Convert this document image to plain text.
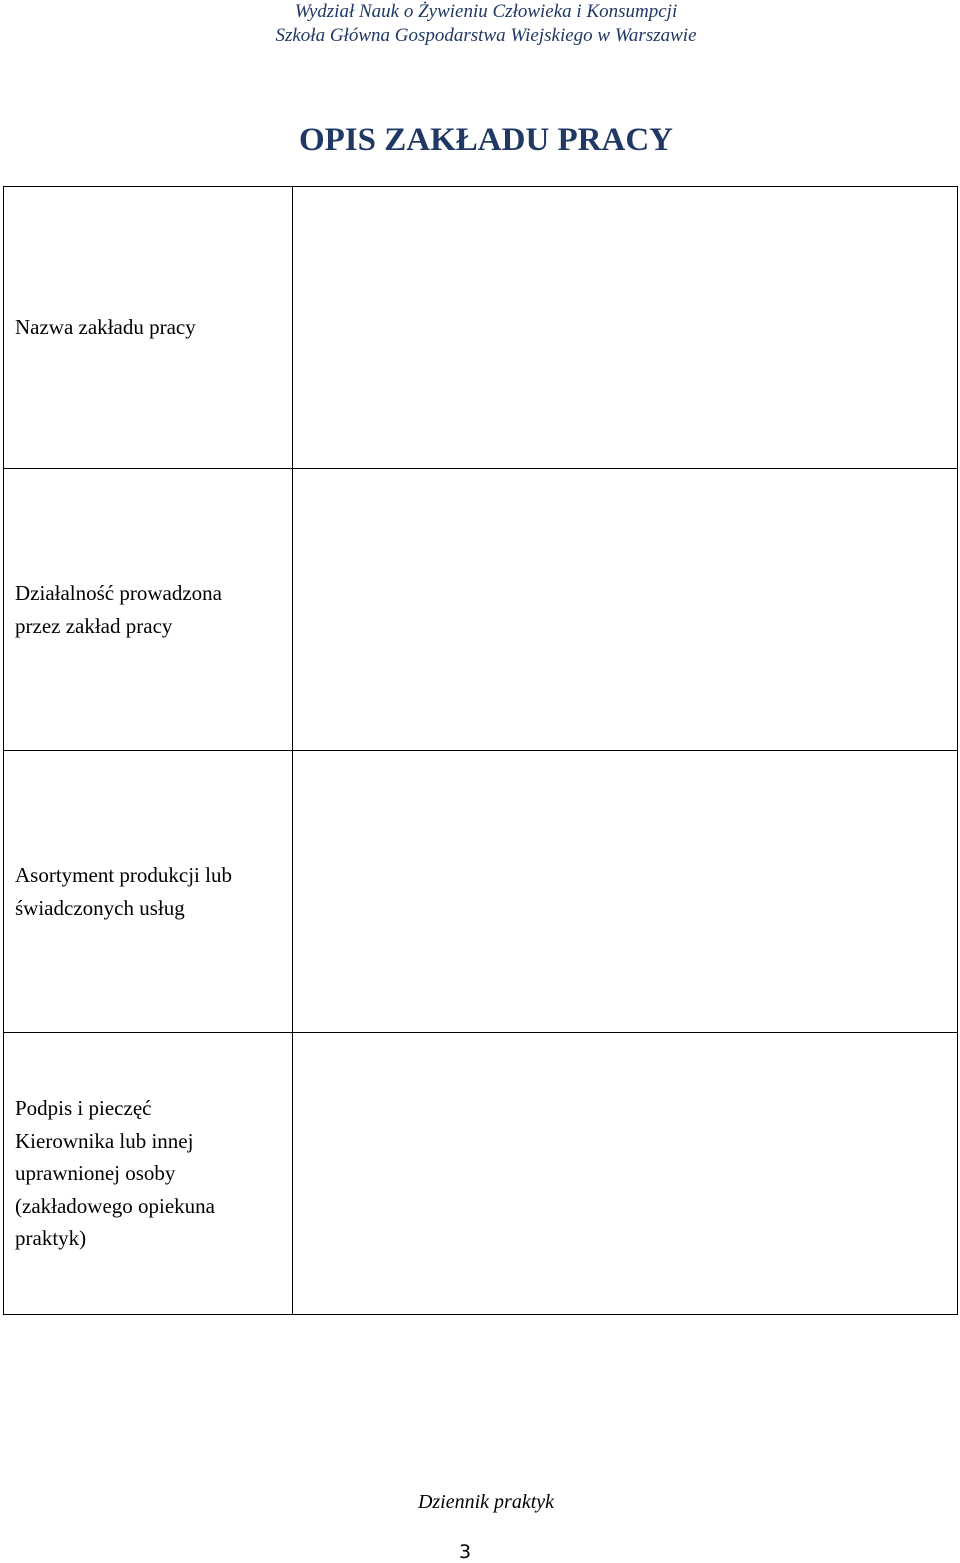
Wydział Nauk o Żywieniu Człowieka i Konsumpcji
Szkoła Główna Gospodarstwa Wiejskiego w Warszawie
OPIS ZAKŁADU PRACY
Nazwa zakładu pracy	

Działalność prowadzona
przez zakład pracy	

Asortyment produkcji lub
świadczonych usług	

Podpis i pieczęć
Kierownika lub innej
uprawnionej osoby
(zakładowego opiekuna
praktyk)	

Dziennik praktyk
3
